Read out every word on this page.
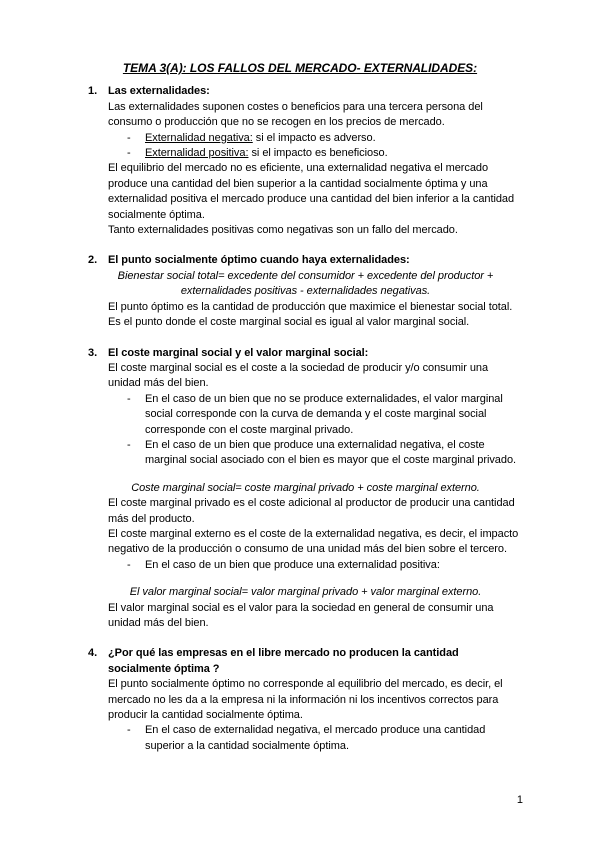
TEMA 3(A): LOS FALLOS DEL MERCADO- EXTERNALIDADES:
1. Las externalidades:

Las externalidades suponen costes o beneficios para una tercera persona del consumo o producción que no se recogen en los precios de mercado.

-	Externalidad negativa: si el impacto es adverso.
-	Externalidad positiva: si el impacto es beneficioso.

El equilibrio del mercado no es eficiente, una externalidad negativa el mercado produce una cantidad del bien superior a la cantidad socialmente óptima y una externalidad positiva el mercado produce una cantidad del bien inferior a la cantidad socialmente óptima.

Tanto externalidades positivas como negativas son un fallo del mercado.

2. El punto socialmente óptimo cuando haya externalidades:
Bienestar social total= excedente del consumidor + excedente del productor + externalidades positivas - externalidades negativas.

El punto óptimo es la cantidad de producción que maximice el bienestar social total. Es el punto donde el coste marginal social es igual al valor marginal social.

3. El coste marginal social y el valor marginal social:

El coste marginal social es el coste a la sociedad de producir y/o consumir una unidad más del bien.

-	En el caso de un bien que no se produce externalidades, el valor marginal social corresponde con la curva de demanda y el coste marginal social corresponde con el coste marginal privado.
-	En el caso de un bien que produce una externalidad negativa, el coste marginal social asociado con el bien es mayor que el coste marginal privado.
Coste marginal social= coste marginal privado + coste marginal externo.

El coste marginal privado es el coste adicional al productor de producir una cantidad más del producto.

El coste marginal externo es el coste de la externalidad negativa, es decir, el impacto negativo de la producción o consumo de una unidad más del bien sobre el tercero.

-	En el caso de un bien que produce una externalidad positiva:
El valor marginal social= valor marginal privado + valor marginal externo.

El valor marginal social es el valor para la sociedad en general de consumir una unidad más del bien.

4. ¿Por qué las empresas en el libre mercado no producen la cantidad socialmente óptima ?

El punto socialmente óptimo no corresponde al equilibrio del mercado, es decir, el mercado no les da a la empresa ni la información ni los incentivos correctos para producir la cantidad socialmente óptima.

-	En el caso de externalidad negativa, el mercado produce una cantidad superior a la cantidad socialmente óptima.
1
